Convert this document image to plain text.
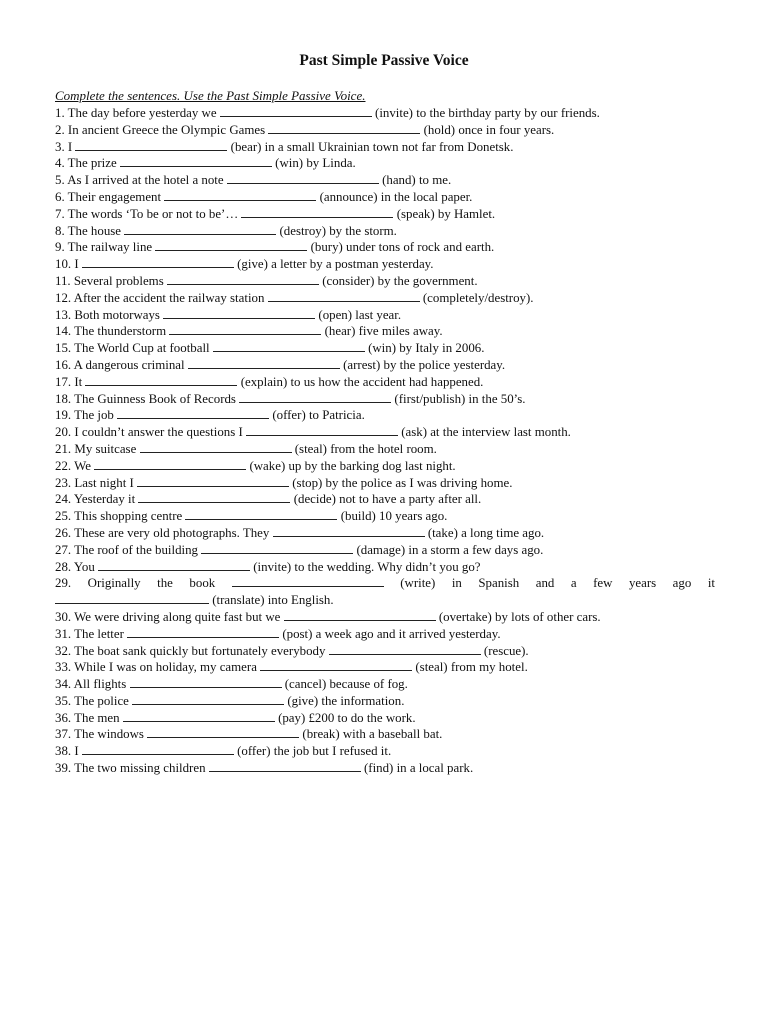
Past Simple Passive Voice
Complete the sentences. Use the Past Simple Passive Voice.
1. The day before yesterday we	(invite) to the birthday party by our friends.
2. In ancient Greece the Olympic Games	(hold) once in four years.
3. I	(bear) in a small Ukrainian town not far from Donetsk.
4. The prize	(win) by Linda.
5. As I arrived at the hotel a note	(hand) to me.
6. Their engagement	(announce) in the local paper.
7. The words ‘To be or not to be’…	(speak) by Hamlet.
8. The house	(destroy) by the storm.
9. The railway line	(bury) under tons of rock and earth.
10. I	(give) a letter by a postman yesterday.
11. Several problems	(consider) by the government.
12. After the accident the railway station	(completely/destroy).
13. Both motorways	(open) last year.
14. The thunderstorm	(hear) five miles away.
15. The World Cup at football	(win) by Italy in 2006.
16. A dangerous criminal	(arrest) by the police yesterday.
17. It	(explain) to us how the accident had happened.
18. The Guinness Book of Records	(first/publish) in the 50’s.
19. The job	(offer) to Patricia.
20. I couldn’t answer the questions I	(ask) at the interview last month.
21. My suitcase	(steal) from the hotel room.
22. We	(wake) up by the barking dog last night.
23. Last night I	(stop) by the police as I was driving home.
24. Yesterday it	(decide) not to have a party after all.
25. This shopping centre	(build) 10 years ago.
26. These are very old photographs. They	(take) a long time ago.
27. The roof of the building	(damage) in a storm a few days ago.
28. You	(invite) to the wedding. Why didn’t you go?
29. Originally the book	(write) in Spanish and a few years ago it
(translate) into English.
30. We were driving along quite fast but we	(overtake) by lots of other cars.
31. The letter	(post) a week ago and it arrived yesterday.
32. The boat sank quickly but fortunately everybody	(rescue).
33. While I was on holiday, my camera	(steal) from my hotel.
34. All flights	(cancel) because of fog.
35. The police	(give) the information.
36. The men	(pay) £200 to do the work.
37. The windows	(break) with a baseball bat.
38. I	(offer) the job but I refused it.
39. The two missing children	(find) in a local park.
